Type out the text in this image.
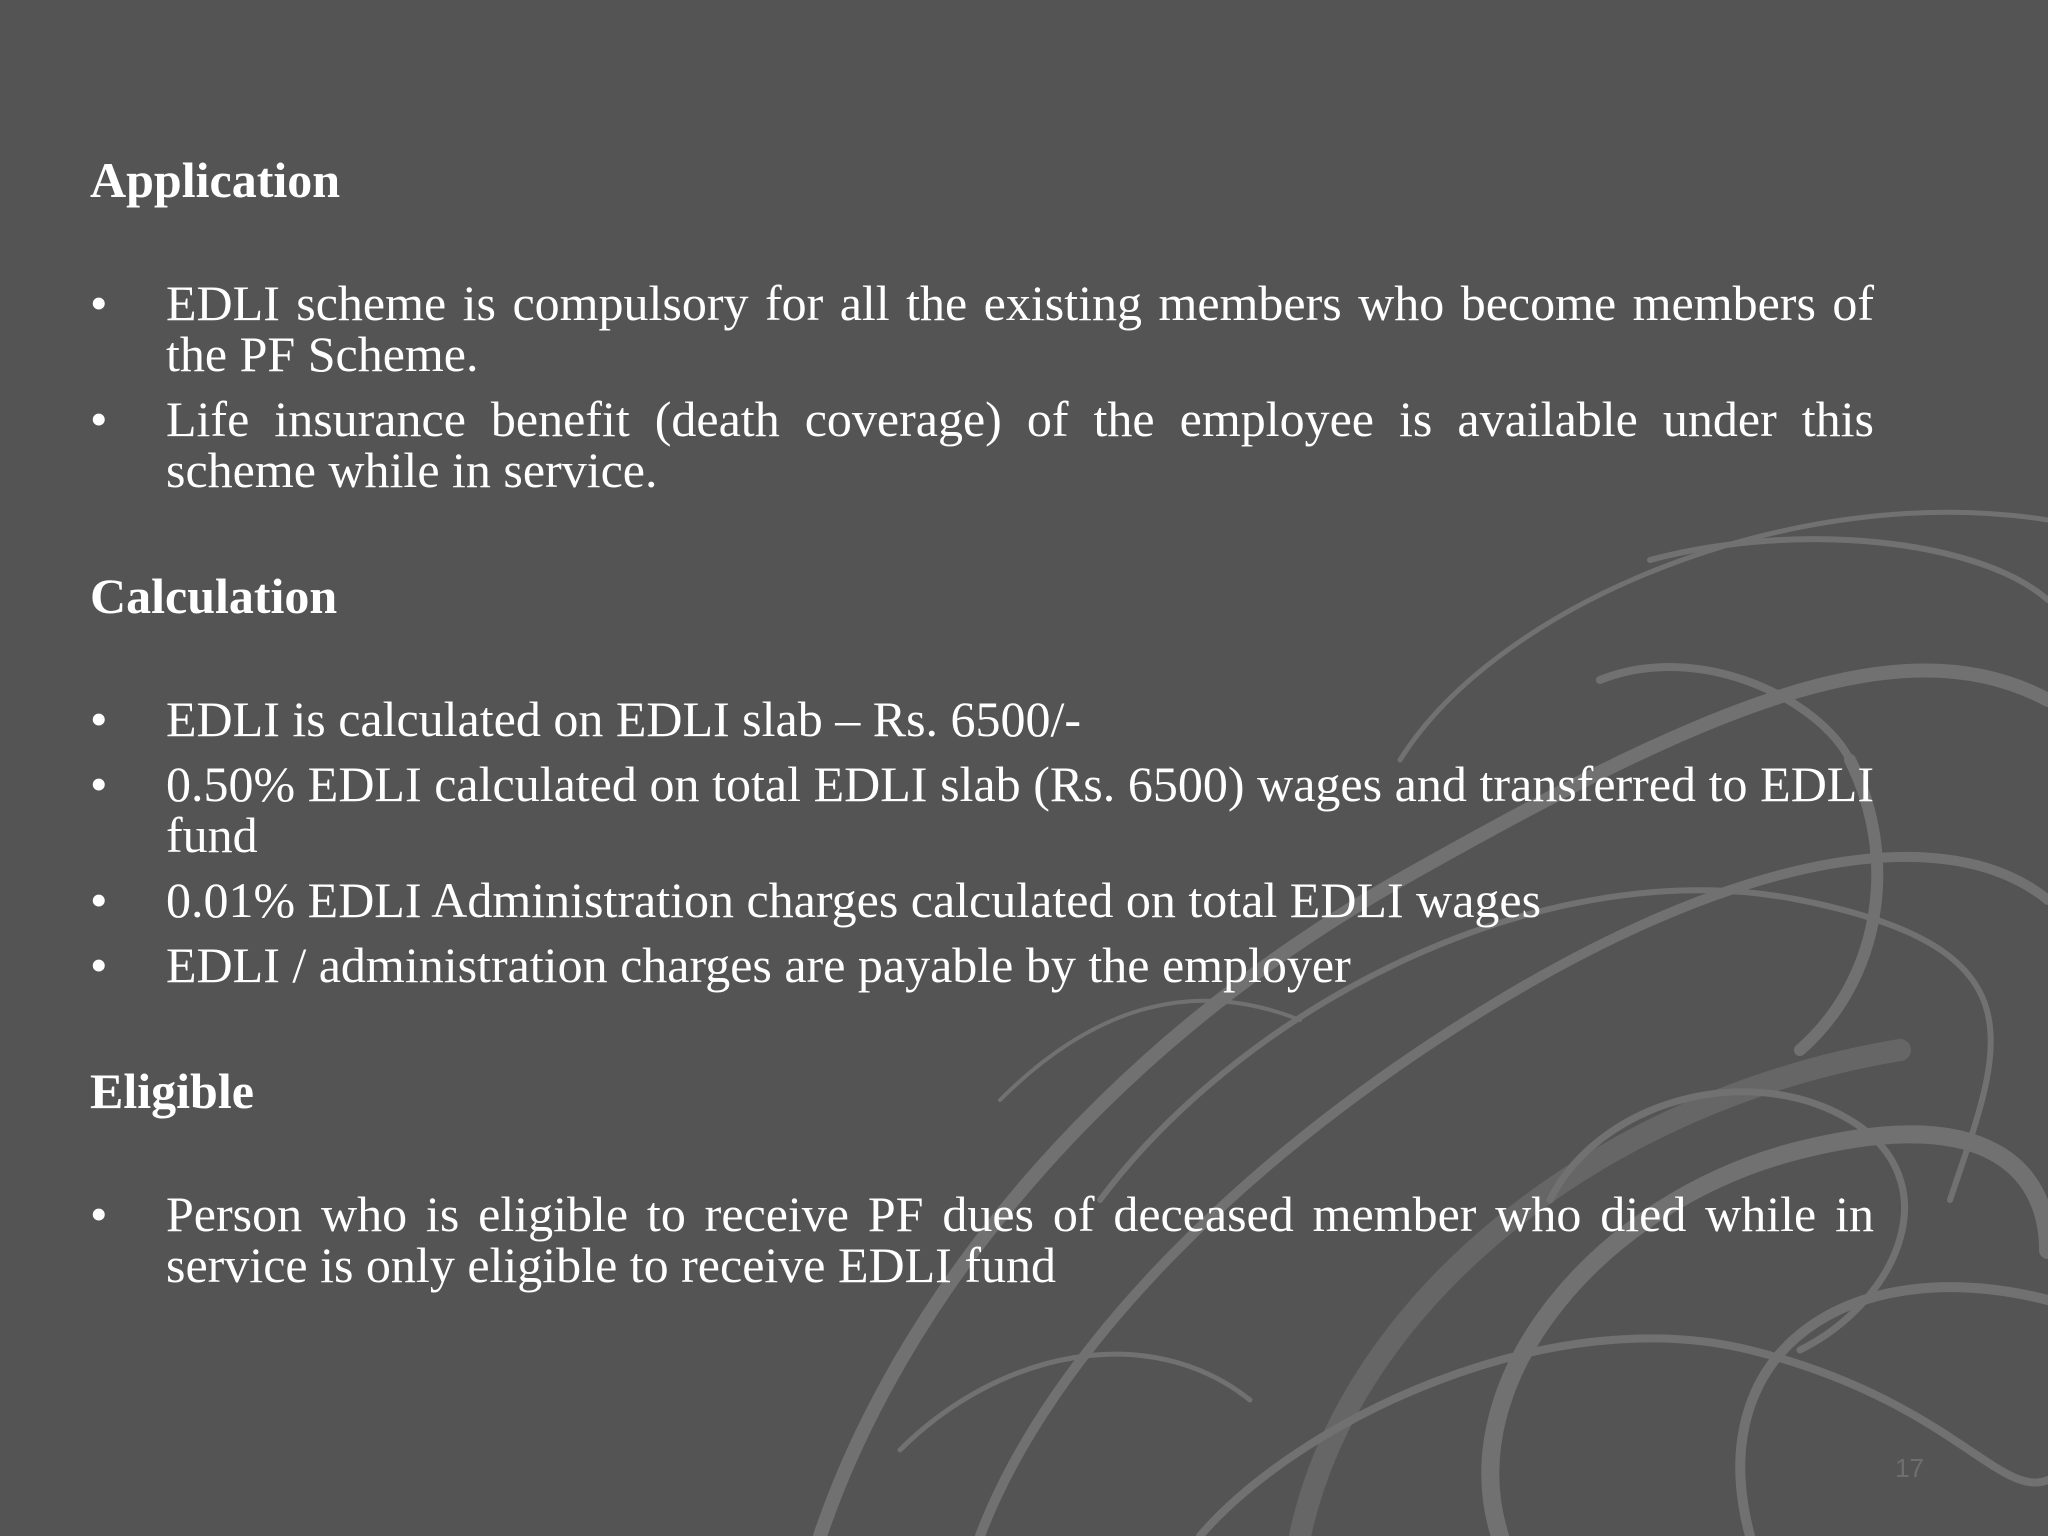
Application
• EDLI scheme is compulsory for all the existing members who become members of the PF Scheme.
• Life insurance benefit (death coverage) of the employee is available under this scheme while in service.
Calculation
• EDLI is calculated on EDLI slab – Rs. 6500/-
• 0.50% EDLI calculated on total EDLI slab (Rs. 6500) wages and transferred to EDLI fund
• 0.01% EDLI Administration charges calculated on total EDLI wages
• EDLI / administration charges are payable by the employer
Eligible
• Person who is eligible to receive PF dues of deceased member who died while in service is only eligible to receive EDLI fund
17
